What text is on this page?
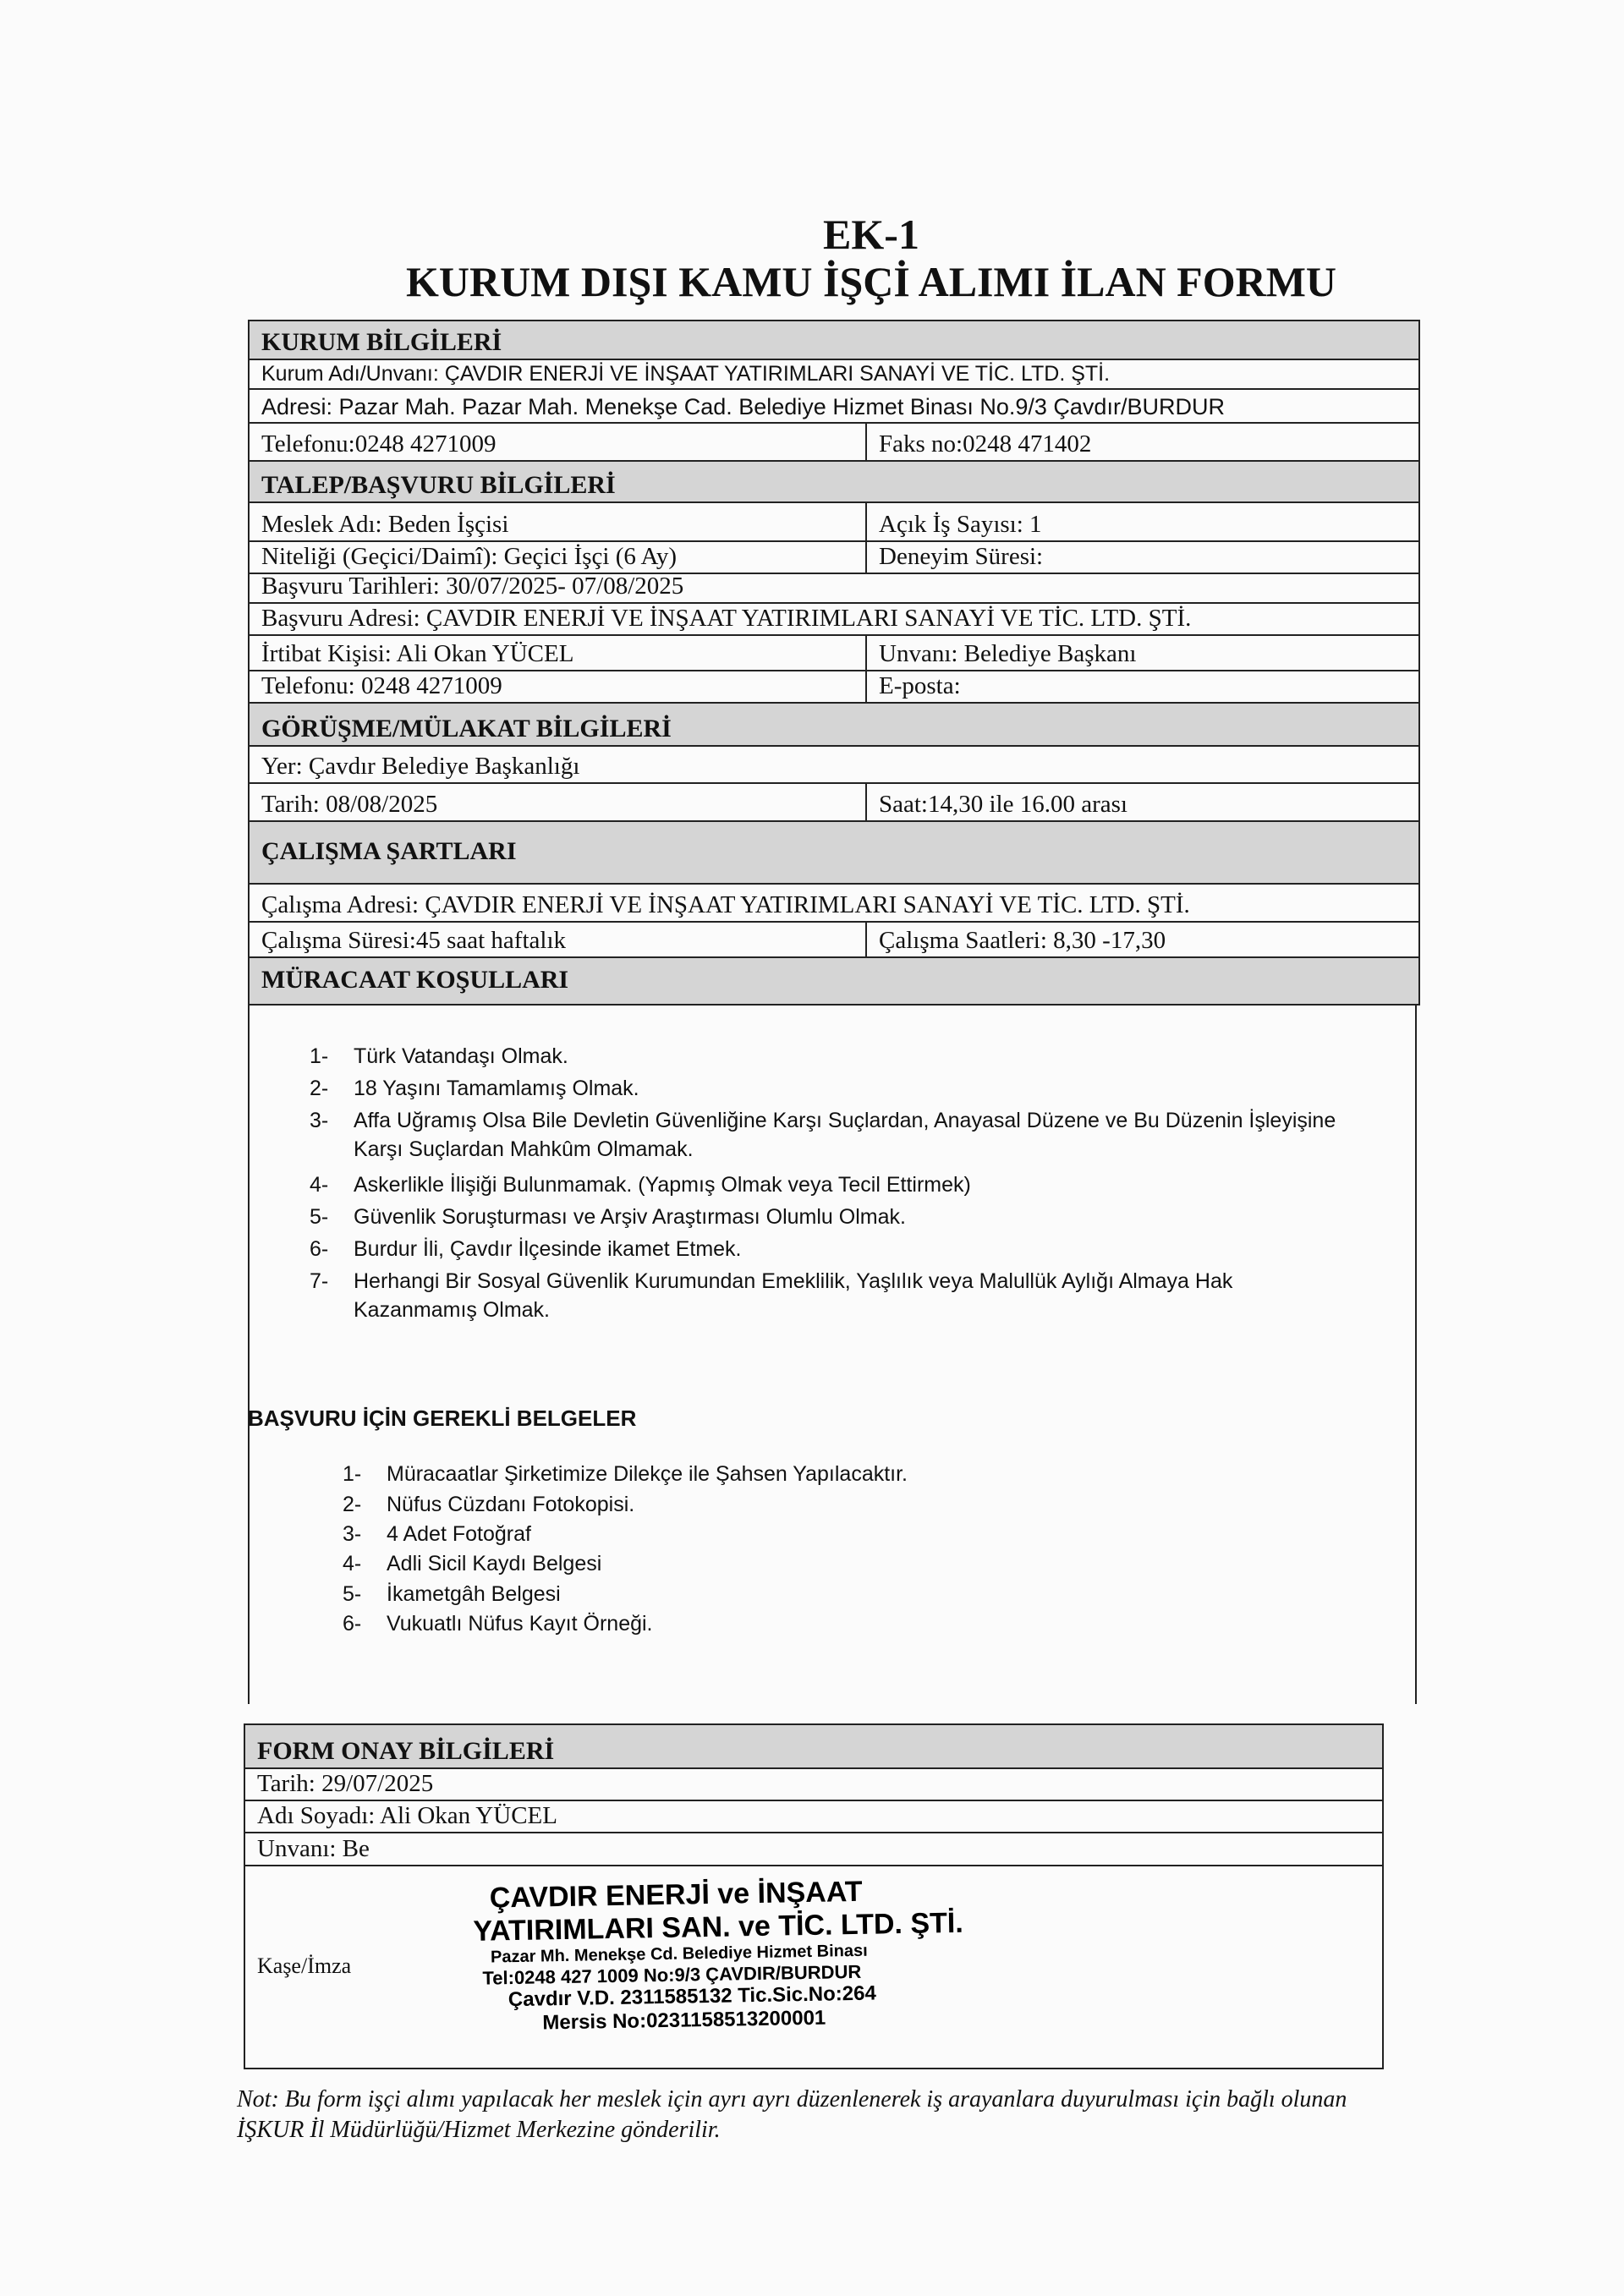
EK-1
KURUM DIŞI KAMU İŞÇİ ALIMI İLAN FORMU
KURUM BİLGİLERİ
Kurum Adı/Unvanı: ÇAVDIR ENERJİ VE İNŞAAT YATIRIMLARI SANAYİ VE TİC. LTD. ŞTİ.
Adresi: Pazar Mah. Pazar Mah. Menekşe Cad. Belediye Hizmet Binası No.9/3 Çavdır/BURDUR
Telefonu:0248 4271009	Faks no:0248 471402
TALEP/BAŞVURU BİLGİLERİ
Meslek Adı: Beden İşçisi	Açık İş Sayısı: 1
Niteliği (Geçici/Daimî): Geçici İşçi (6 Ay)	Deneyim Süresi:
Başvuru Tarihleri: 30/07/2025- 07/08/2025
Başvuru Adresi: ÇAVDIR ENERJİ VE İNŞAAT YATIRIMLARI SANAYİ VE TİC. LTD. ŞTİ.
İrtibat Kişisi: Ali Okan YÜCEL	Unvanı: Belediye Başkanı
Telefonu: 0248 4271009	E-posta:
GÖRÜŞME/MÜLAKAT BİLGİLERİ
Yer: Çavdır Belediye Başkanlığı
Tarih: 08/08/2025	Saat:14,30 ile 16.00 arası
ÇALIŞMA ŞARTLARI
Çalışma Adresi: ÇAVDIR ENERJİ VE İNŞAAT YATIRIMLARI SANAYİ VE TİC. LTD. ŞTİ.
Çalışma Süresi:45 saat haftalık	Çalışma Saatleri: 8,30 -17,30
MÜRACAAT KOŞULLARI
1- Türk Vatandaşı Olmak.
2- 18 Yaşını Tamamlamış Olmak.
3- Affa Uğramış Olsa Bile Devletin Güvenliğine Karşı Suçlardan, Anayasal Düzene ve Bu Düzenin İşleyişine Karşı Suçlardan Mahkûm Olmamak.
4- Askerlikle İlişiği Bulunmamak. (Yapmış Olmak veya Tecil Ettirmek)
5- Güvenlik Soruşturması ve Arşiv Araştırması Olumlu Olmak.
6- Burdur İli, Çavdır İlçesinde ikamet Etmek.
7- Herhangi Bir Sosyal Güvenlik Kurumundan Emeklilik, Yaşlılık veya Malullük Aylığı Almaya Hak Kazanmamış Olmak.
BAŞVURU İÇİN GEREKLİ BELGELER
1- Müracaatlar Şirketimize Dilekçe ile Şahsen Yapılacaktır.
2- Nüfus Cüzdanı Fotokopisi.
3- 4 Adet Fotoğraf
4- Adli Sicil Kaydı Belgesi
5- İkametgâh Belgesi
6- Vukuatlı Nüfus Kayıt Örneği.
FORM ONAY BİLGİLERİ
Tarih: 29/07/2025
Adı Soyadı: Ali Okan YÜCEL
Unvanı: Be
Kaşe/İmza
ÇAVDIR ENERJİ ve İNŞAAT
YATIRIMLARI SAN. ve TİC. LTD. ŞTİ.
Pazar Mh. Menekşe Cd. Belediye Hizmet Binası
Tel:0248 427 1009 No:9/3 ÇAVDIR/BURDUR
Çavdır V.D. 2311585132 Tic.Sic.No:264
Mersis No:0231158513200001
Not: Bu form işçi alımı yapılacak her meslek için ayrı ayrı düzenlenerek iş arayanlara duyurulması için bağlı olunan İŞKUR İl Müdürlüğü/Hizmet Merkezine gönderilir.
